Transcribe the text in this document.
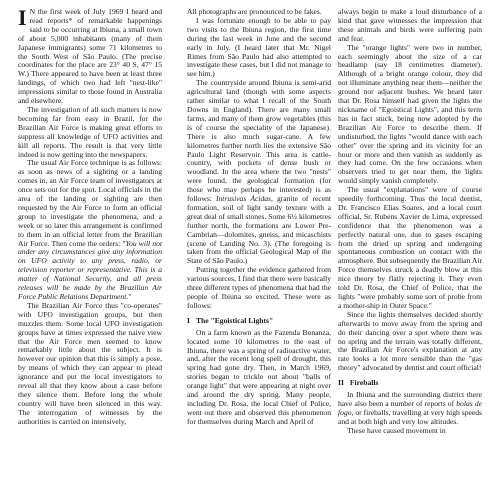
I N the first week of July 1969 I heard and read reports* of remarkable happenings said to be occurring at Ibiuna, a small town of about 5,000 inhabitants (many of them Japanese immigrants) some 71 kilometres to the South West of São Paulo. (The precise coordinates for the place are 23° 40 S, 47° 15 W.) There appeared to have been at least three landings, of which two had left "nest-like" impressions similar to those found in Australia and elsewhere.

The investigation of all such matters is now becoming far from easy in Brazil, for the Brazilian Air Force is making great efforts to suppress all knowledge of UFO activities and kill all reports. The result is that very little indeed is now getting into the newspapers.

The usual Air Force technique is as follows: as soon as news of a sighting or a landing comes in, an Air Force team of investigators at once sets out for the spot. Local officials in the area of the landing or sighting are then requested by the Air Force to form an official group to investigate the phenomena, and a week or so later this arrangement is confirmed to them in an official letter from the Brazilian Air Force. Then come the orders: "You will not under any circumstances give any information on UFO activity to any press, radio, or television reporter or representative. This is a matter of National Security, and all press releases will be made by the Brazilian Air Force Public Relations Department."

The Brazilian Air Force thus "co-operates" with UFO investigation groups, but then muzzles them. Some local UFO investigation groups have at times expressed the naive view that the Air Force men seemed to know remarkably little about the subject. It is however our opinion that this is simply a pose, by means of which they can appear to plead ignorance and put the local investigators to reveal all that they know about a case before they silence them. Before long the whole country will have been silenced in this way. The interrogation of witnesses by the authorities is carried on intensively,

All photographs are pronounced to be fakes.

I was fortunate enough to be able to pay two visits to the Ibiuna region, the first time during the last week in June and the second early in July. (I heard later that Mr. Nigel Rimes from São Paulo had also attempted to investigate these cases, but I did not manage to see him.)

The countryside around Ibiuna is semi-arid agricultural land (though with some aspects rather similar to what I recall of the South Downs in England). There are many small farms, and many of them grow vegetables (this is of course the speciality of the Japanese). There is also much sugar-cane. A few kilometres further north lies the extensive São Paulo Light Reservoir. This area is cattle-country, with pockets of dense bush or woodland. In the area where the two "nests" were found, the geological formation (for those who may perhaps be interested) is as follows: Intrusivas Ácidas, granite of recent formation, soil of light sandy texture with a great deal of small stones. Some 6½ kilometres further north, the formations are Lower Pre-Cambrian—dolomites, gneiss, and micaschists (scene of Landing No. 3). (The foregoing is taken from the official Geological Map of the State of São Paulo.)

Putting together the evidence gathered from various sources, I find that there were basically three different types of phenomena that had the people of Ibiuna so excited. These were as follows:

I The "Egoistical Lights"

On a farm known as the Fazenda Bonanza, located some 10 kilometres to the east of Ibiuna, there was a spring of radioactive water, and, after the recent long spell of drought, this spring had gone dry. Then, in March 1969, stories began to trickle out about "balls of orange light" that were appearing at night over and around the dry spring. Many people, including Dr. Rosa, the local Chief of Police, went out there and observed this phenomenon for themselves during March and April of

always begin to make a loud disturbance of a kind that gave witnesses the impression that these animals and birds were suffering pain and fear.

The "orange lights" were two in number, each seemingly about the size of a car headlamp (say 18 centimetres diameter). Although of a bright orange colour, they did not illuminate anything near them—neither the ground nor adjacent bushes. We heard later that Dr. Rosa himself had given the lights the nickname of "Egoistical Lights", and this term has in fact stuck, being now adopted by the Brazilian Air Force to describe them. If undisturbed, the lights "would dance with each other" over the spring and its vicinity for an hour or more and then vanish as suddenly as they had come. On the few occasions when observers tried to get near them, the lights would simply vanish completely.

The usual "explanations" were of course speedily forthcoming. Thus the local dentist, Dr. Francisco Elias Soares, and a local court official, Sr. Rubens Xavier de Lima, expressed confidence that the phenomenon was a perfectly natural one, due to gases escaping from the dried up spring and undergoing spontaneous combustion on contact with the atmosphere. But subsequently the Brazilian Air Force themselves struck a deadly blow at this nice theory by flatly rejecting it. They even told Dr. Rosa, the Chief of Police, that the lights "were probably some sort of probe from a mother-ship in Outer Space."

Since the lights themselves decided shortly afterwards to move away from the spring and do their dancing over a spot where there was no spring and the terrain was totally different, the Brazilian Air Force's explanation at any rate looks a lot more sensible than the "gas theory" advocated by dentist and court official!

II Fireballs

In Ibiuna and the surrounding district there have also been a number of reports of bolas de fogo, or fireballs, travelling at very high speeds and at both high and very low altitudes.

These have caused movement in
